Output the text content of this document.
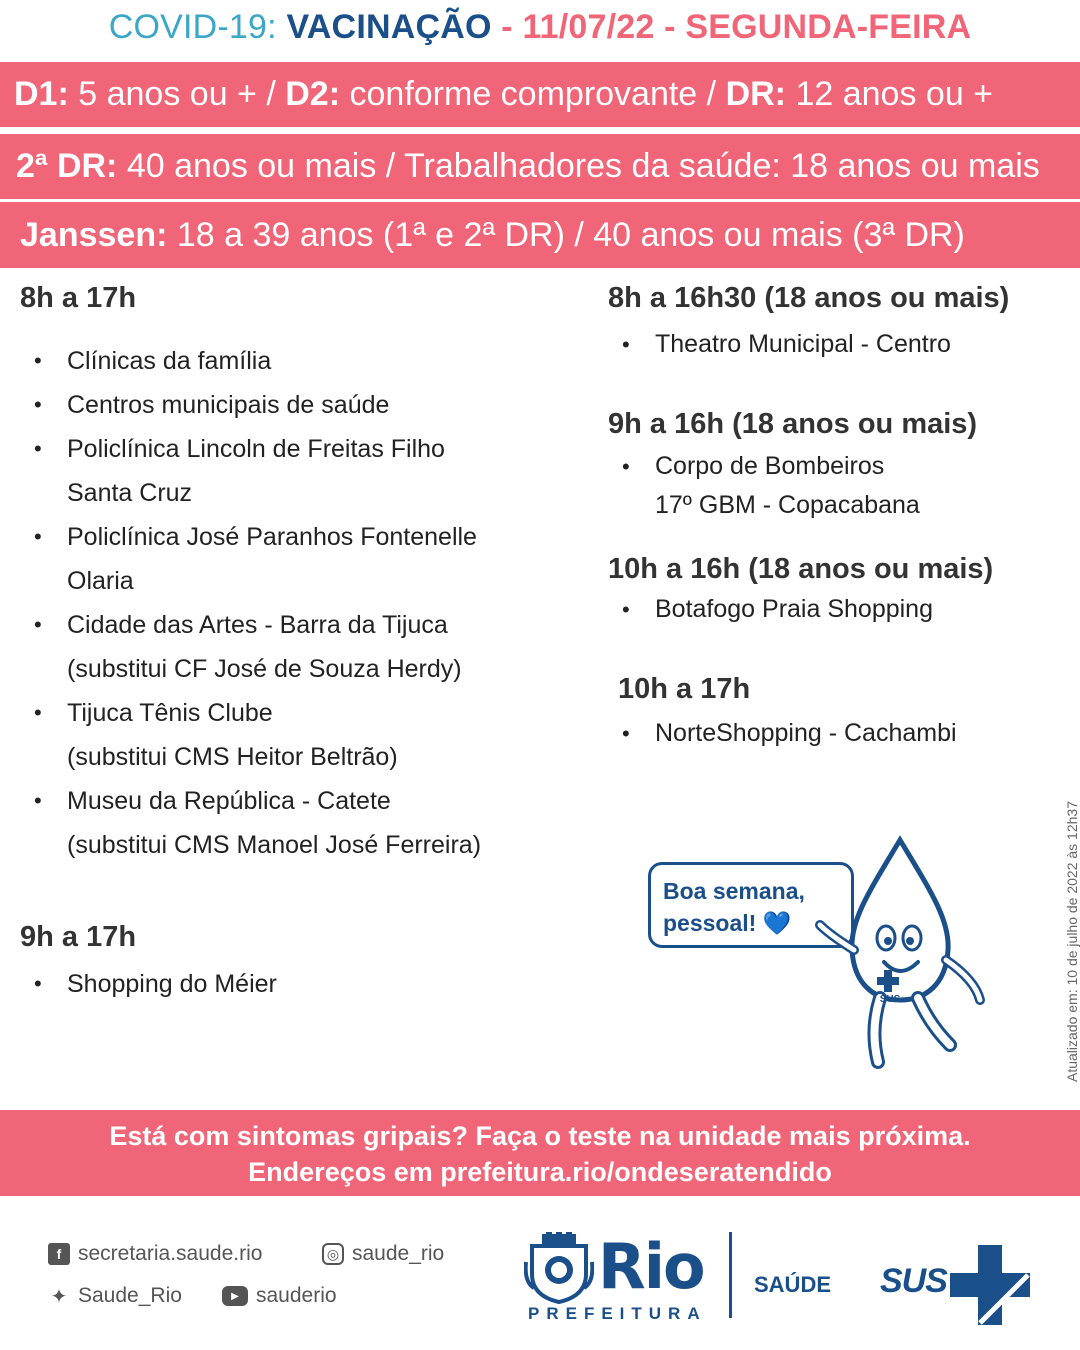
COVID-19: VACINAÇÃO - 11/07/22 - SEGUNDA-FEIRA
D1:
5 anos ou + /
D2:
conforme comprovante /
DR:
12 anos ou +
2ª DR:
40 anos ou mais / Trabalhadores da saúde: 18 anos ou mais
Janssen:
18 a 39 anos (1ª e 2ª DR) / 40 anos ou mais (3ª DR)
8h a 17h
• Clínicas da família
• Centros municipais de saúde
• Policlínica Lincoln de Freitas Filho
Santa Cruz
• Policlínica José Paranhos Fontenelle
Olaria
• Cidade das Artes - Barra da Tijuca
(substitui CF José de Souza Herdy)
• Tijuca Tênis Clube
(substitui CMS Heitor Beltrão)
• Museu da República - Catete
(substitui CMS Manoel José Ferreira)
9h a 17h
• Shopping do Méier
8h a 16h30 (18 anos ou mais)
• Theatro Municipal - Centro
9h a 16h (18 anos ou mais)
• Corpo de Bombeiros
17º GBM - Copacabana
10h a 16h (18 anos ou mais)
• Botafogo Praia Shopping
10h a 17h
• NorteShopping - Cachambi
Boa semana,
pessoal! 💙
SUS	Atualizado em: 10 de julho de 2022 às 12h37
Está com sintomas gripais? Faça o teste na unidade mais próxima.
Endereços em prefeitura.rio/ondeseratendido
f secretaria.saude.rio	◎ saude_rio
✦ Saude_Rio	▶ sauderio	Rio
PREFEITURA
SAÚDE SUS
